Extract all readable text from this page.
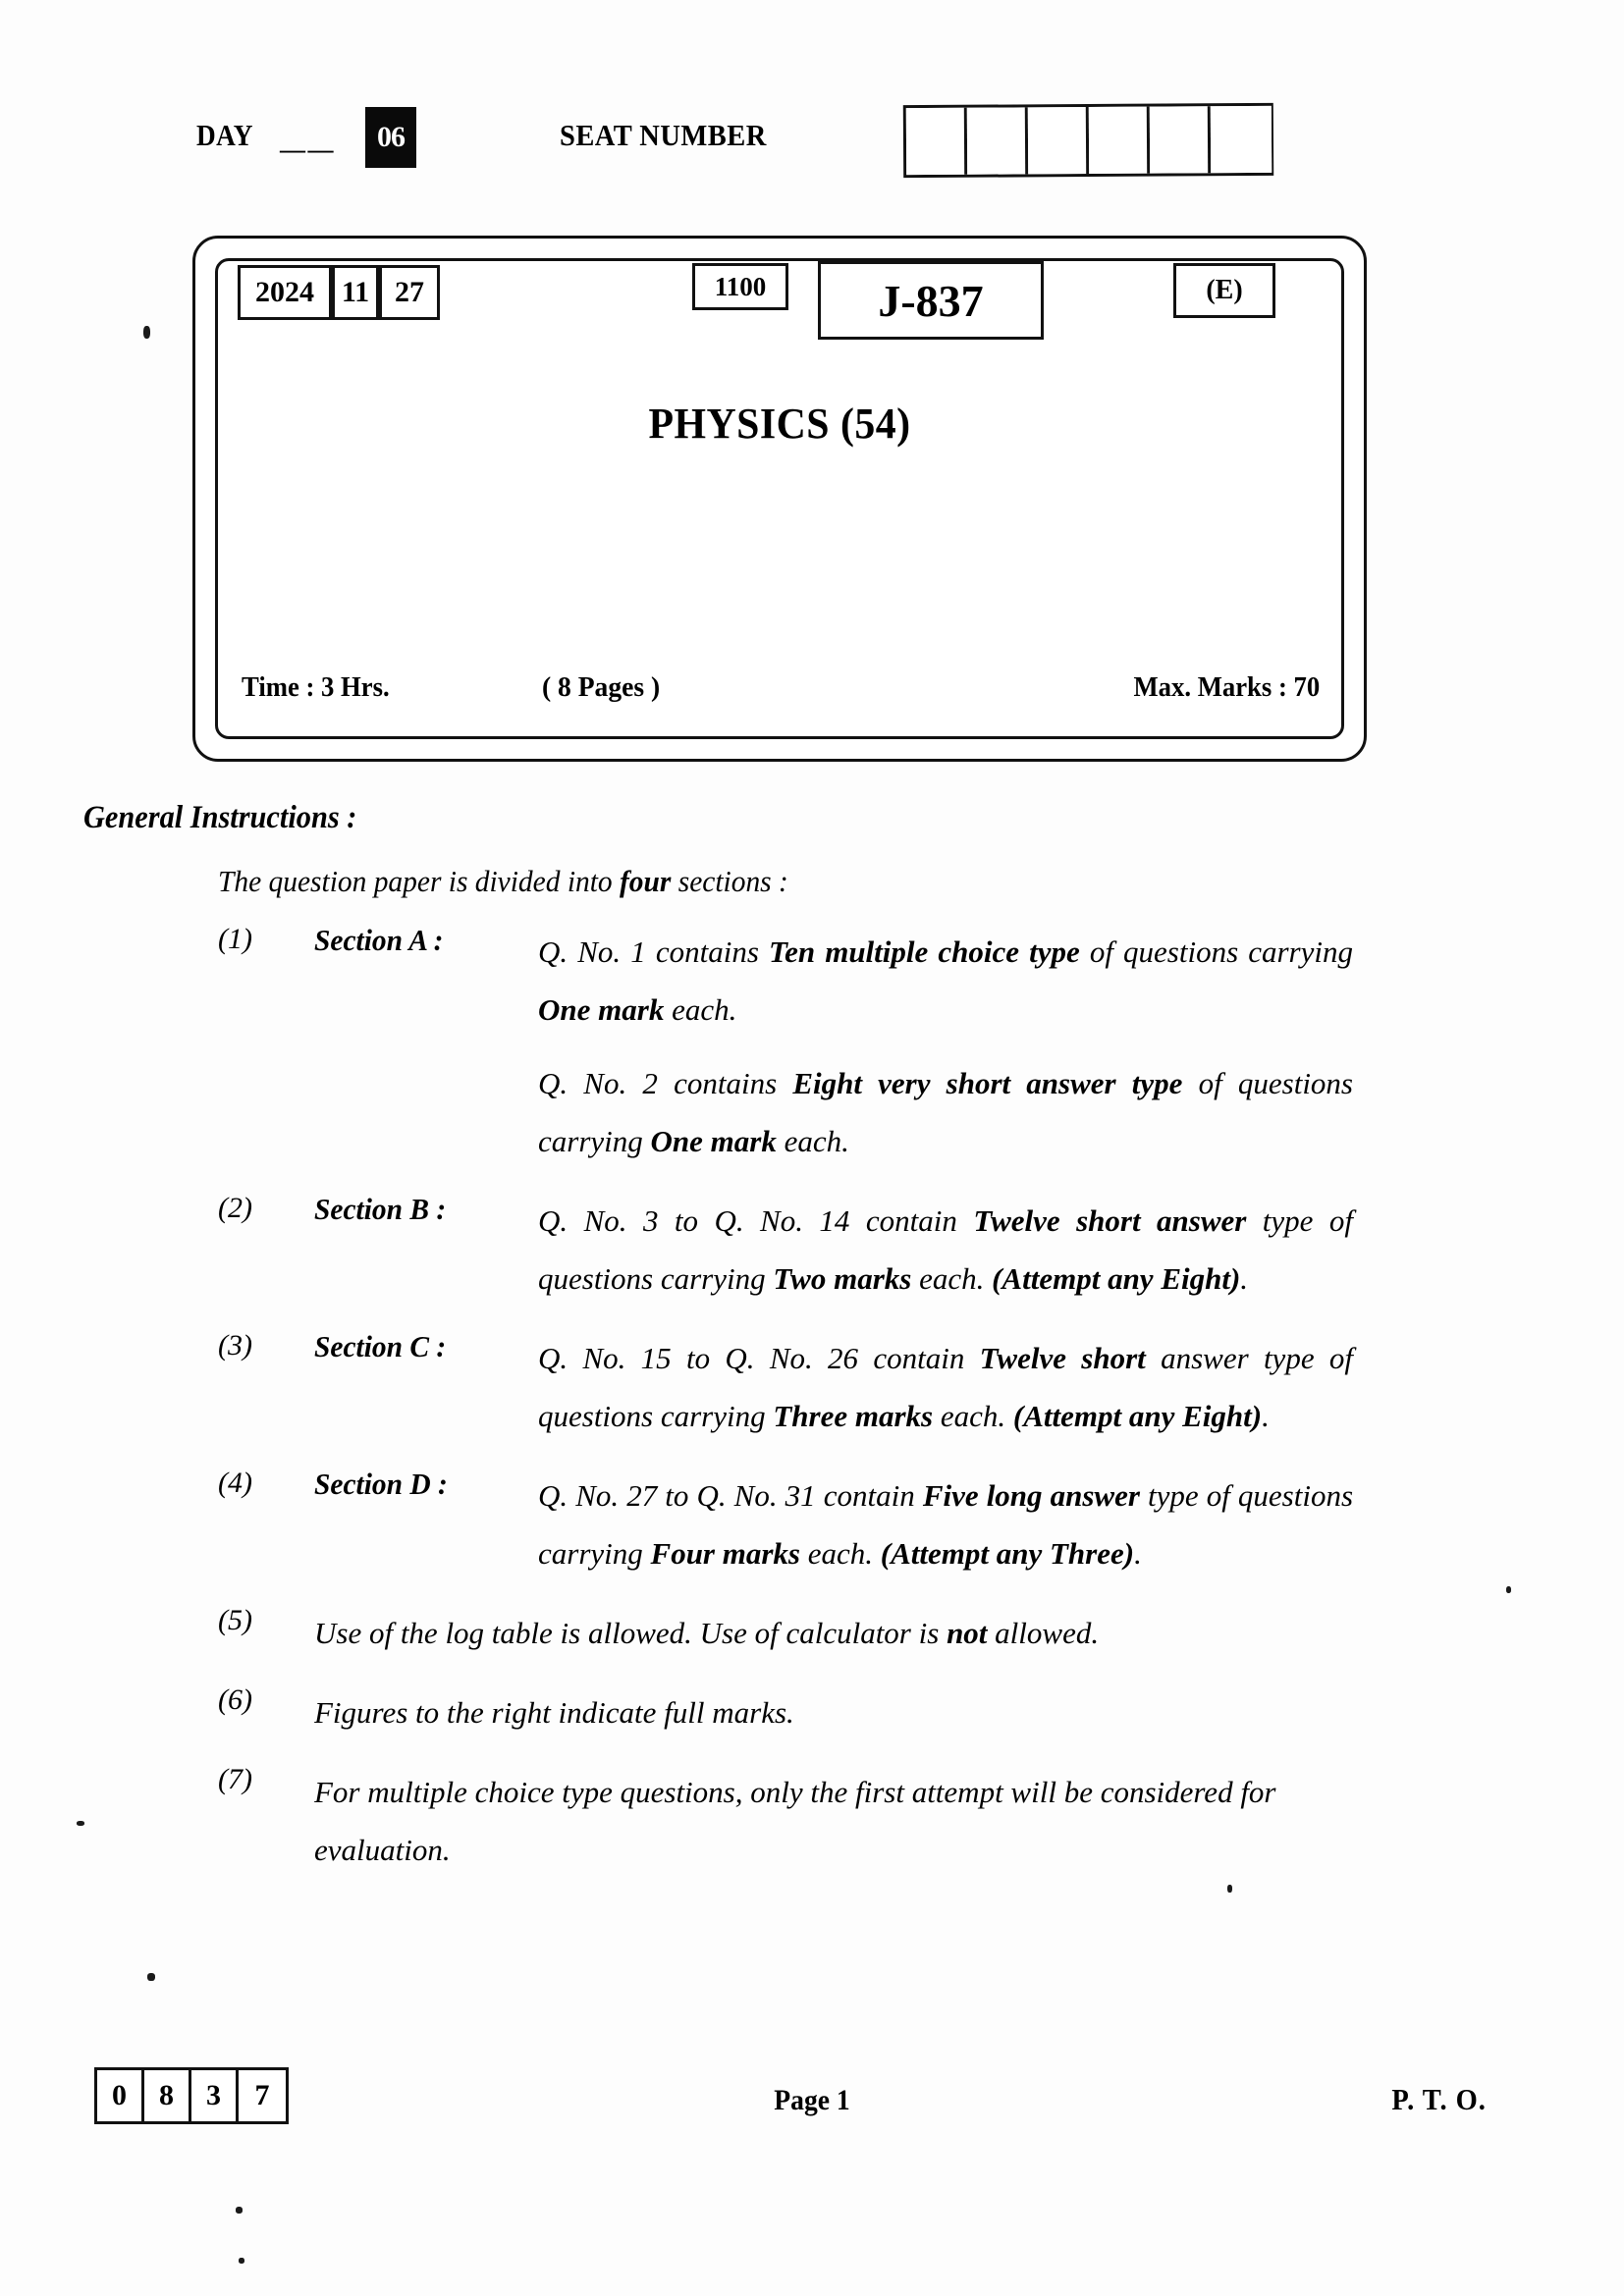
DAY — —	06	SEAT NUMBER
2024 11 27	1100	J-837	(E)
PHYSICS (54)
Time : 3 Hrs.	( 8 Pages )	Max. Marks : 70
General Instructions :
The question paper is divided into four sections :
(1)	Section A :	Q. No. 1 contains Ten multiple choice type of questions carrying One mark each.

Q. No. 2 contains Eight very short answer type of questions carrying One mark each.

(2)	Section B :	Q. No. 3 to Q. No. 14 contain Twelve short answer type of questions carrying Two marks each. (Attempt any Eight).

(3)	Section C :	Q. No. 15 to Q. No. 26 contain Twelve short answer type of questions carrying Three marks each. (Attempt any Eight).

(4)	Section D :	Q. No. 27 to Q. No. 31 contain Five long answer type of questions carrying Four marks each. (Attempt any Three).

(5)	Use of the log table is allowed. Use of calculator is not allowed.

(6)	Figures to the right indicate full marks.

(7)	For multiple choice type questions, only the first attempt will be considered for evaluation.

0	8	3	7	Page 1	P. T. O.
